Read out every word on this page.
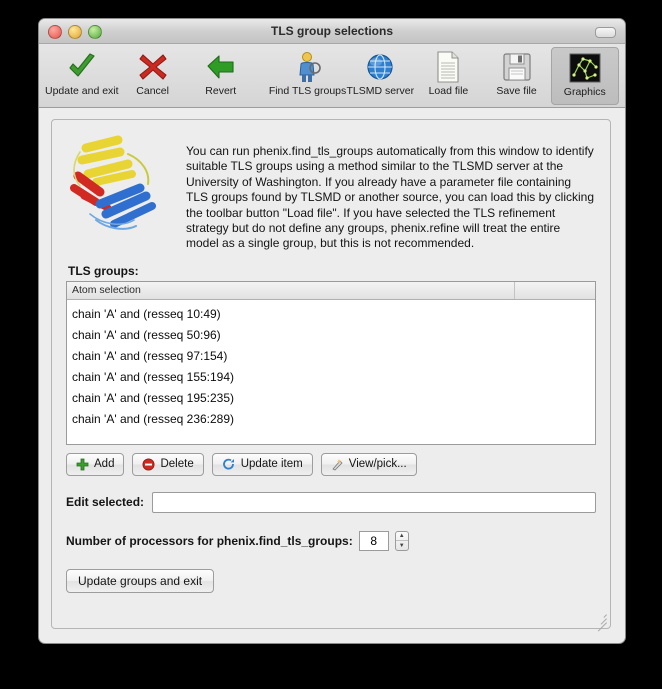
TLS group selections
Update and exit Cancel	Revert	Find TLS groups TLSMD server Load file	Save file	Graphics
You can run phenix.find_tls_groups automatically from this window to identify suitable TLS groups using a method similar to the TLSMD server at the University of Washington. If you already have a parameter file containing TLS groups found by TLSMD or another source, you can load this by clicking the toolbar button "Load file". If you have selected the TLS refinement strategy but do not define any groups, phenix.refine will treat the entire model as a single group, but this is not recommended.
TLS groups:
Atom selection
chain 'A' and (resseq 10:49)
chain 'A' and (resseq 50:96)
chain 'A' and (resseq 97:154)
chain 'A' and (resseq 155:194)
chain 'A' and (resseq 195:235)
chain 'A' and (resseq 236:289)
Add	Delete	Update item	View/pick...
Edit selected:
Number of processors for phenix.find_tls_groups:
8	▲
▼
Update groups and exit
